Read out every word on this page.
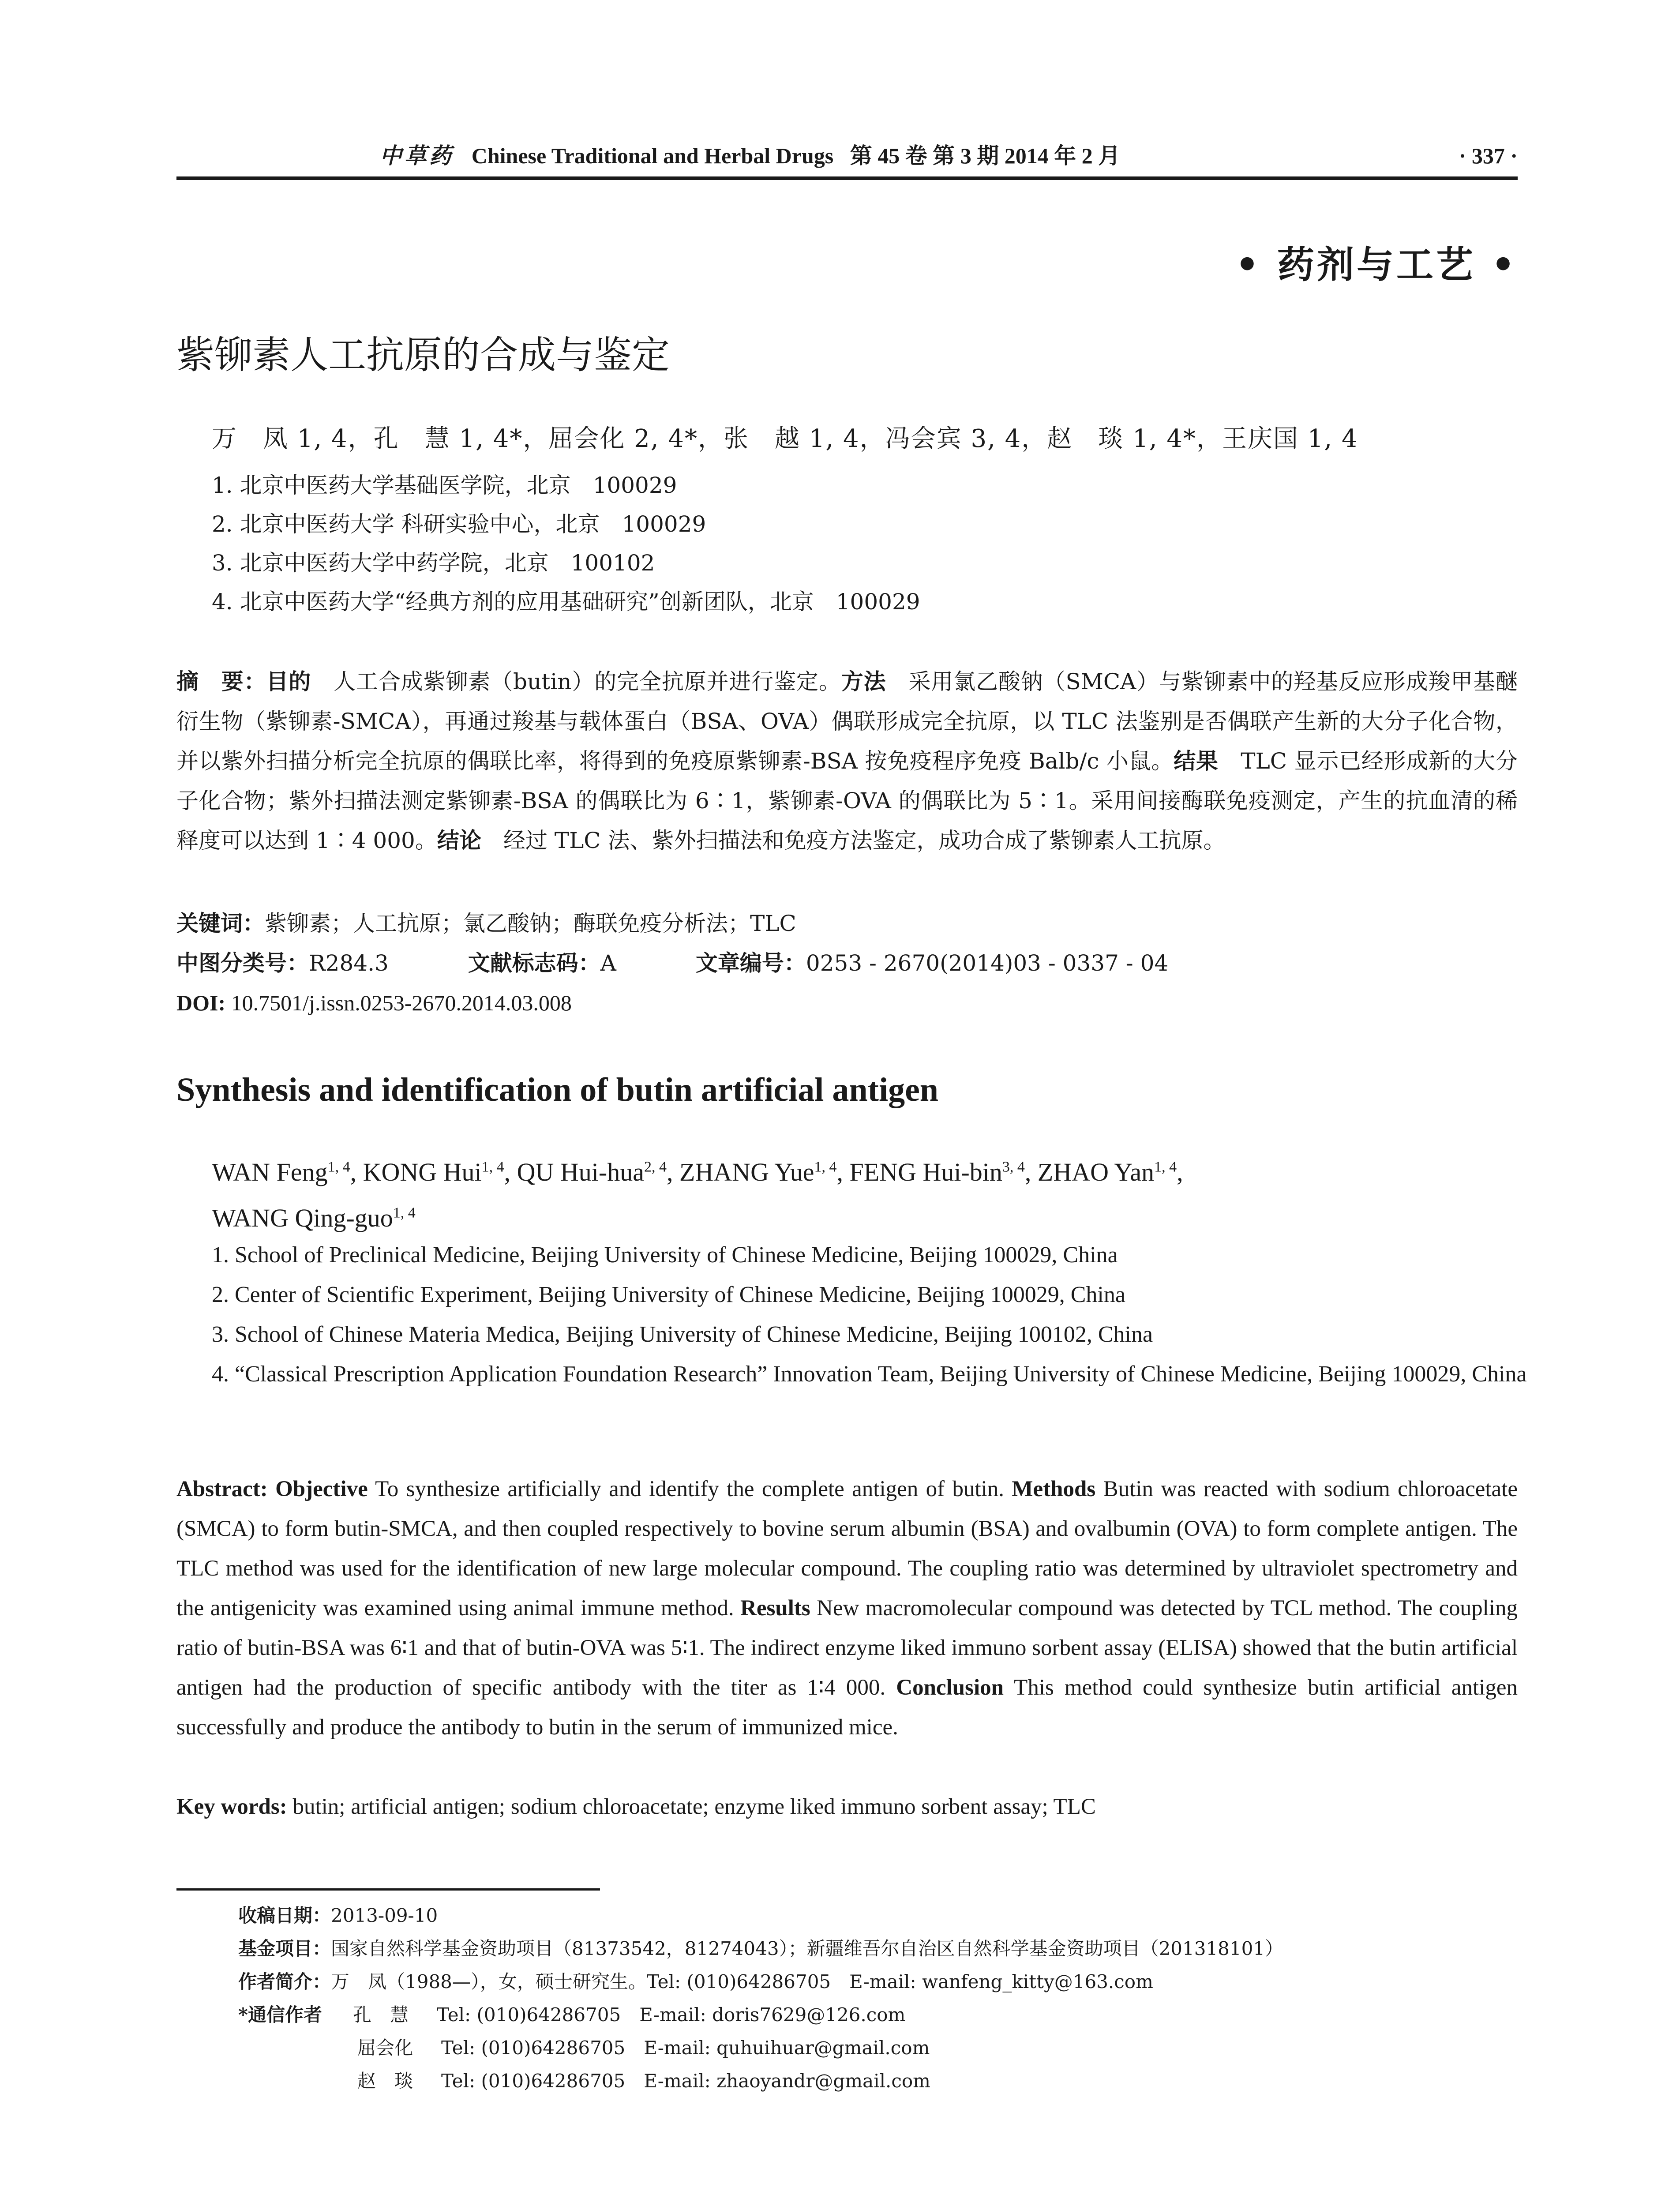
中草药 Chinese Traditional and Herbal Drugs 第 45 卷 第 3 期 2014 年 2 月	· 337 ·
• 药剂与工艺 •
紫铆素人工抗原的合成与鉴定
万　凤 1, 4，孔　慧 1, 4*，屈会化 2, 4*，张　越 1, 4，冯会宾 3, 4，赵　琰 1, 4*，王庆国 1, 4
1. 北京中医药大学基础医学院，北京　100029
2. 北京中医药大学 科研实验中心，北京　100029
3. 北京中医药大学中药学院，北京　100102
4. 北京中医药大学“经典方剂的应用基础研究”创新团队，北京　100029
摘　要：目的　人工合成紫铆素（butin）的完全抗原并进行鉴定。方法　采用氯乙酸钠（SMCA）与紫铆素中的羟基反应形成羧甲基醚衍生物（紫铆素-SMCA），再通过羧基与载体蛋白（BSA、OVA）偶联形成完全抗原，以 TLC 法鉴别是否偶联产生新的大分子化合物，并以紫外扫描分析完全抗原的偶联比率，将得到的免疫原紫铆素-BSA 按免疫程序免疫 Balb/c 小鼠。结果　TLC 显示已经形成新的大分子化合物；紫外扫描法测定紫铆素-BSA 的偶联比为 6∶1，紫铆素-OVA 的偶联比为 5∶1。采用间接酶联免疫测定，产生的抗血清的稀释度可以达到 1∶4 000。结论　经过 TLC 法、紫外扫描法和免疫方法鉴定，成功合成了紫铆素人工抗原。
关键词：紫铆素；人工抗原；氯乙酸钠；酶联免疫分析法；TLC
中图分类号：R284.3	文献标志码：A	文章编号：0253 - 2670(2014)03 - 0337 - 04
DOI: 10.7501/j.issn.0253-2670.2014.03.008
Synthesis and identification of butin artificial antigen
WAN Feng$^{1, 4}$, KONG Hui$^{1, 4}$, QU Hui-hua$^{2, 4}$, ZHANG Yue$^{1, 4}$, FENG Hui-bin$^{3, 4}$, ZHAO Yan$^{1, 4}$,
WANG Qing-guo$^{1, 4}$
1. School of Preclinical Medicine, Beijing University of Chinese Medicine, Beijing 100029, China
2. Center of Scientific Experiment, Beijing University of Chinese Medicine, Beijing 100029, China
3. School of Chinese Materia Medica, Beijing University of Chinese Medicine, Beijing 100102, China
4. “Classical Prescription Application Foundation Research” Innovation Team, Beijing University of Chinese Medicine, Beijing 100029, China
Abstract: Objective To synthesize artificially and identify the complete antigen of butin. Methods Butin was reacted with sodium chloroacetate (SMCA) to form butin-SMCA, and then coupled respectively to bovine serum albumin (BSA) and ovalbumin (OVA) to form complete antigen. The TLC method was used for the identification of new large molecular compound. The coupling ratio was determined by ultraviolet spectrometry and the antigenicity was examined using animal immune method. Results New macromolecular compound was detected by TCL method. The coupling ratio of butin-BSA was 6∶1 and that of butin-OVA was 5∶1. The indirect enzyme liked immuno sorbent assay (ELISA) showed that the butin artificial antigen had the production of specific antibody with the titer as 1∶4 000. Conclusion This method could synthesize butin artificial antigen successfully and produce the antibody to butin in the serum of immunized mice.
Key words: butin; artificial antigen; sodium chloroacetate; enzyme liked immuno sorbent assay; TLC
收稿日期：2013-09-10
基金项目：国家自然科学基金资助项目（81373542，81274043）；新疆维吾尔自治区自然科学基金资助项目（201318101）
作者简介：万　凤（1988—），女，硕士研究生。Tel: (010)64286705　E-mail: wanfeng_kitty@163.com
*通信作者 孔　慧 Tel: (010)64286705　E-mail: doris7629@126.com
屈会化 Tel: (010)64286705　E-mail: quhuihuar@gmail.com
赵　琰 Tel: (010)64286705　E-mail: zhaoyandr@gmail.com
